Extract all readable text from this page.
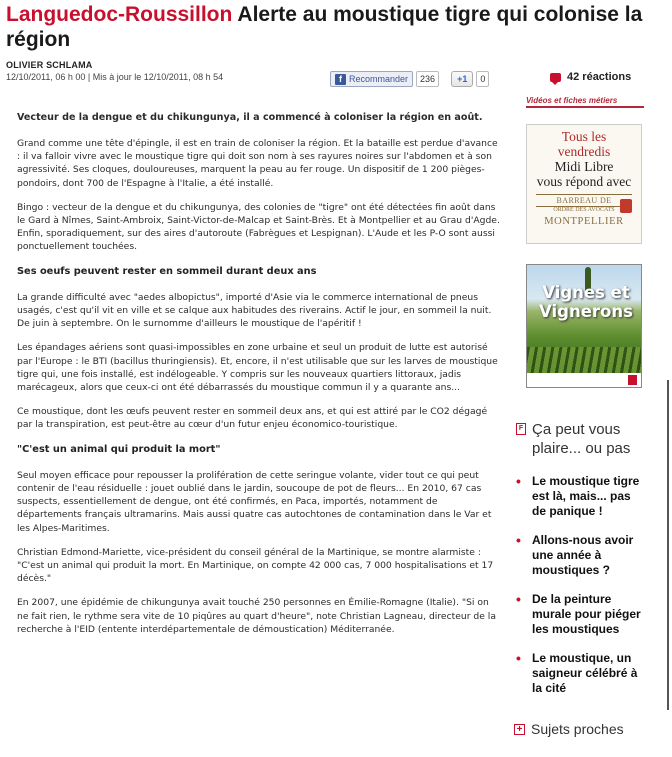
Languedoc-Roussillon Alerte au moustique tigre qui colonise la région
OLIVIER SCHLAMA
12/10/2011, 06 h 00 | Mis à jour le 12/10/2011, 08 h 54	f Recommander	236	+1	0	42 réactions

Vecteur de la dengue et du chikungunya, il a commencé à coloniser la région en août.

Grand comme une tête d'épingle, il est en train de coloniser la région. Et la bataille est perdue d'avance : il va falloir vivre avec le moustique tigre qui doit son nom à ses rayures noires sur l'abdomen et à son agressivité. Ses cloques, douloureuses, marquent la peau au fer rouge. Un dispositif de 1 200 pièges-pondoirs, dont 700 de l'Espagne à l'Italie, a été installé.

Bingo : vecteur de la dengue et du chikungunya, des colonies de "tigre" ont été détectées fin août dans le Gard à Nîmes, Saint-Ambroix, Saint-Victor-de-Malcap et Saint-Brès. Et à Montpellier et au Grau d'Agde. Enfin, sporadiquement, sur des aires d'autoroute (Fabrègues et Lespignan). L'Aude et les P-O sont aussi ponctuellement touchées.

Ses oeufs peuvent rester en sommeil durant deux ans

La grande difficulté avec "aedes albopictus", importé d'Asie via le commerce international de pneus usagés, c'est qu'il vit en ville et se calque aux habitudes des riverains. Actif le jour, en sommeil la nuit. De juin à septembre. On le surnomme d'ailleurs le moustique de l'apéritif !

Les épandages aériens sont quasi-impossibles en zone urbaine et seul un produit de lutte est autorisé par l'Europe : le BTI (bacillus thuringiensis). Et, encore, il n'est utilisable que sur les larves de moustique tigre qui, une fois installé, est indélogeable. Y compris sur les nouveaux quartiers littoraux, jadis marécageux, alors que ceux-ci ont été débarrassés du moustique commun il y a quarante ans...

Ce moustique, dont les œufs peuvent rester en sommeil deux ans, et qui est attiré par le CO2 dégagé par la transpiration, est peut-être au cœur d'un futur enjeu économico-touristique.

"C'est un animal qui produit la mort"

Seul moyen efficace pour repousser la prolifération de cette seringue volante, vider tout ce qui peut contenir de l'eau résiduelle : jouet oublié dans le jardin, soucoupe de pot de fleurs... En 2010, 67 cas suspects, essentiellement de dengue, ont été confirmés, en Paca, importés, notamment de départements français ultramarins. Mais aussi quatre cas autochtones de contamination dans le Var et les Alpes-Maritimes.

Christian Edmond-Mariette, vice-président du conseil général de la Martinique, se montre alarmiste : "C'est un animal qui produit la mort. En Martinique, on compte 42 000 cas, 7 000 hospitalisations et 17 décès."

En 2007, une épidémie de chikungunya avait touché 250 personnes en Émilie-Romagne (Italie). "Si on ne fait rien, le rythme sera vite de 10 piqûres au quart d'heure", note Christian Lagneau, directeur de la recherche à l'EID (entente interdépartementale de démoustication) Méditerranée.

Vidéos et fiches métiers
Tous les
vendredis
Midi Libre
vous répond avec
BARREAU DE
ORDRE DES AVOCATS
MONTPELLIER
Vignes et
Vignerons
F Ça peut vous plaire... ou pas
• Le moustique tigre est là, mais... pas de panique !
• Allons-nous avoir une année à moustiques ?
• De la peinture murale pour piéger les moustiques
• Le moustique, un saigneur célébré à la cité
+ Sujets proches
